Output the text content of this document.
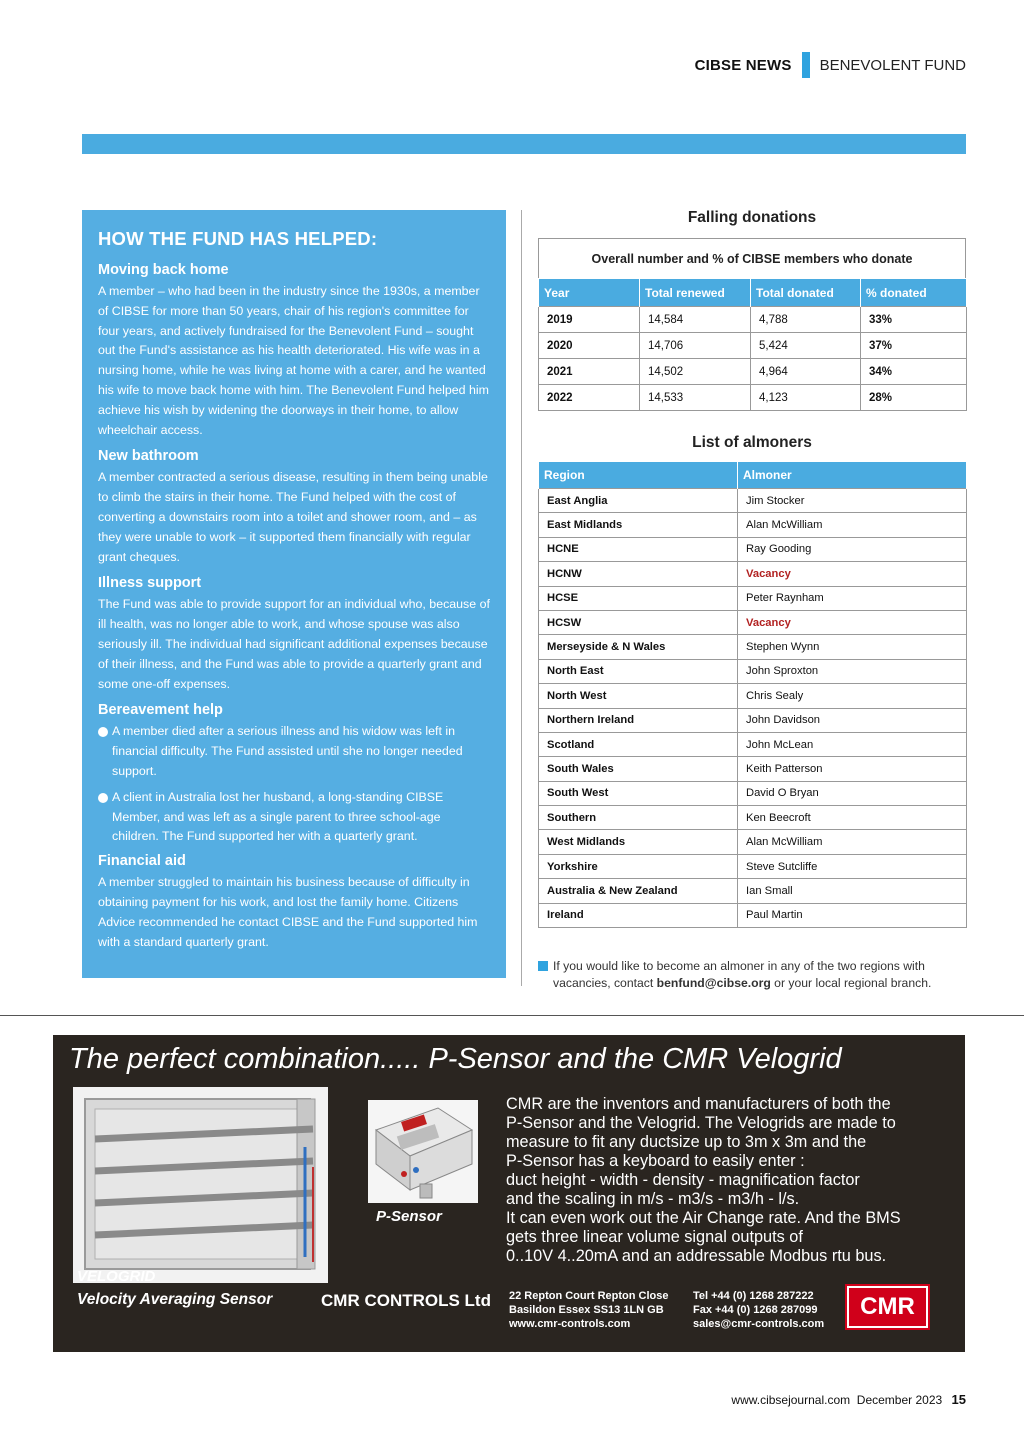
CIBSE NEWS BENEVOLENT FUND
HOW THE FUND HAS HELPED:
Moving back home

A member – who had been in the industry since the 1930s, a member of CIBSE for more than 50 years, chair of his region's committee for four years, and actively fundraised for the Benevolent Fund – sought out the Fund's assistance as his health deteriorated. His wife was in a nursing home, while he was living at home with a carer, and he wanted his wife to move back home with him. The Benevolent Fund helped him achieve his wish by widening the doorways in their home, to allow wheelchair access.

New bathroom

A member contracted a serious disease, resulting in them being unable to climb the stairs in their home. The Fund helped with the cost of converting a downstairs room into a toilet and shower room, and – as they were unable to work – it supported them financially with regular grant cheques.

Illness support

The Fund was able to provide support for an individual who, because of ill health, was no longer able to work, and whose spouse was also seriously ill. The individual had significant additional expenses because of their illness, and the Fund was able to provide a quarterly grant and some one-off expenses.

Bereavement help
A member died after a serious illness and his widow was left in financial difficulty. The Fund assisted until she no longer needed support.
A client in Australia lost her husband, a long-standing CIBSE Member, and was left as a single parent to three school-age children. The Fund supported her with a quarterly grant.
Financial aid

A member struggled to maintain his business because of difficulty in obtaining payment for his work, and lost the family home. Citizens Advice recommended he contact CIBSE and the Fund supported him with a standard quarterly grant.

Falling donations
Overall number and % of CIBSE members who donate
Year	Total renewed	Total donated	% donated
2019	14,584	4,788	33%
2020	14,706	5,424	37%
2021	14,502	4,964	34%
2022	14,533	4,123	28%
List of almoners
Region	Almoner
East Anglia	Jim Stocker
East Midlands	Alan McWilliam
HCNE	Ray Gooding
HCNW	Vacancy
HCSE	Peter Raynham
HCSW	Vacancy
Merseyside & N Wales	Stephen Wynn
North East	John Sproxton
North West	Chris Sealy
Northern Ireland	John Davidson
Scotland	John McLean
South Wales	Keith Patterson
South West	David O Bryan
Southern	Ken Beecroft
West Midlands	Alan McWilliam
Yorkshire	Steve Sutcliffe
Australia & New Zealand	Ian Small
Ireland	Paul Martin
If you would like to become an almoner in any of the two regions with vacancies, contact benfund@cibse.org or your local regional branch.
The perfect combination..... P-Sensor and the CMR Velogrid
CMR are the inventors and manufacturers of both the
P-Sensor and the Velogrid. The Velogrids are made to
measure to fit any ductsize up to 3m x 3m and the
P-Sensor has a keyboard to easily enter :
duct height - width - density - magnification factor
and the scaling in m/s - m3/s - m3/h - l/s.
It can even work out the Air Change rate. And the BMS
gets three linear volume signal outputs of
0..10V 4..20mA and an addressable Modbus rtu bus.
P-Sensor
VELOGRID
Velocity Averaging Sensor	CMR CONTROLS Ltd 22 Repton Court Repton Close
Basildon Essex SS13 1LN GB
www.cmr-controls.com
Tel +44 (0) 1268 287222
Fax +44 (0) 1268 287099
sales@cmr-controls.com
CMR
www.cibsejournal.com December 2023 15
